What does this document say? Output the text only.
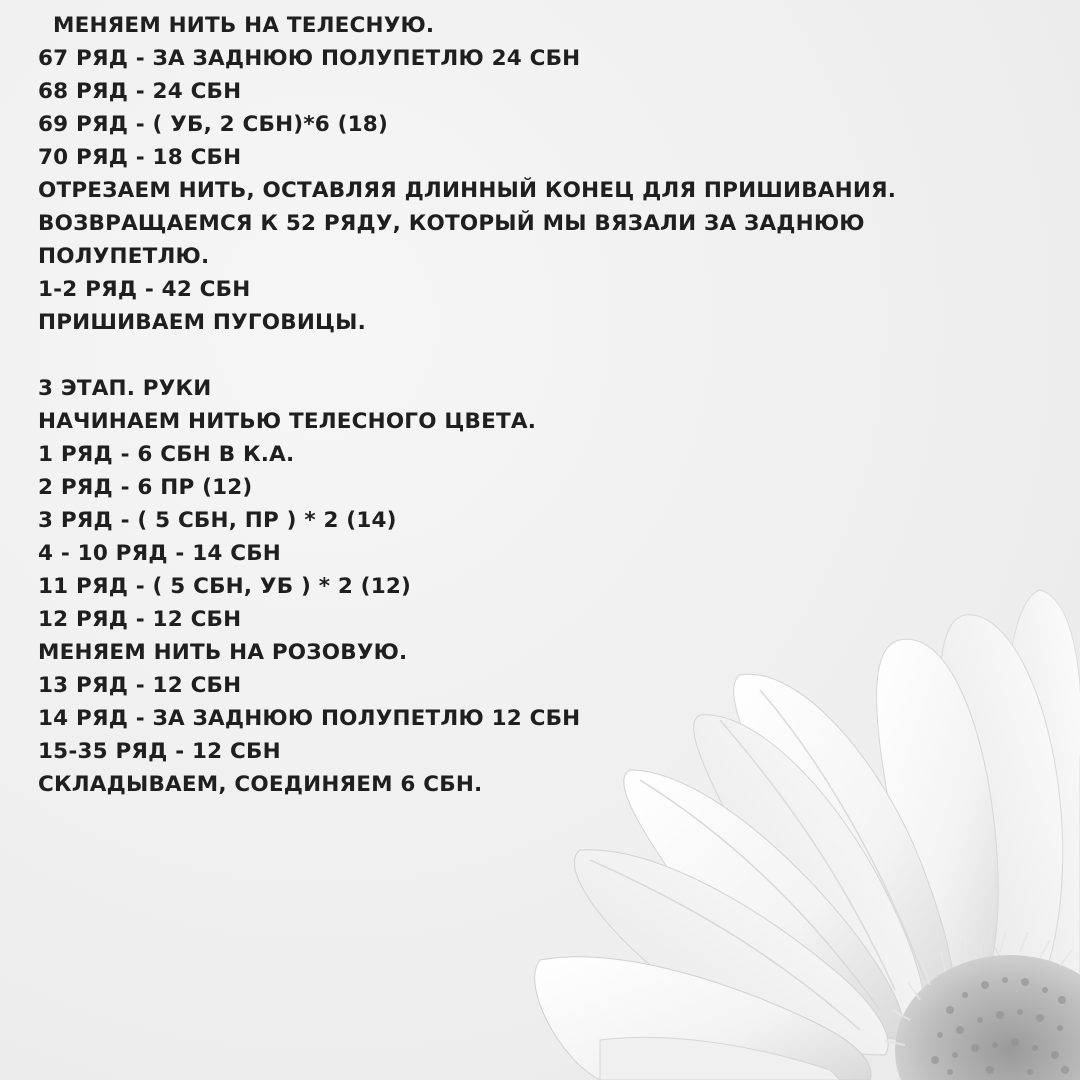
МЕНЯЕМ НИТЬ НА ТЕЛЕСНУЮ.
67 РЯД - ЗА ЗАДНЮЮ ПОЛУПЕТЛЮ 24 СБН
68 РЯД - 24 СБН
69 РЯД - ( УБ, 2 СБН)*6 (18)
70 РЯД - 18 СБН
ОТРЕЗАЕМ НИТЬ, ОСТАВЛЯЯ ДЛИННЫЙ КОНЕЦ ДЛЯ ПРИШИВАНИЯ.
ВОЗВРАЩАЕМСЯ К 52 РЯДУ, КОТОРЫЙ МЫ ВЯЗАЛИ ЗА ЗАДНЮЮ
ПОЛУПЕТЛЮ.
1-2 РЯД - 42 СБН
ПРИШИВАЕМ ПУГОВИЦЫ.
3 ЭТАП. РУКИ
НАЧИНАЕМ НИТЬЮ ТЕЛЕСНОГО ЦВЕТА.
1 РЯД - 6 СБН В К.А.
2 РЯД - 6 ПР (12)
3 РЯД - ( 5 СБН, ПР ) * 2 (14)
4 - 10 РЯД - 14 СБН
11 РЯД - ( 5 СБН, УБ ) * 2 (12)
12 РЯД - 12 СБН
МЕНЯЕМ НИТЬ НА РОЗОВУЮ.
13 РЯД - 12 СБН
14 РЯД - ЗА ЗАДНЮЮ ПОЛУПЕТЛЮ 12 СБН
15-35 РЯД - 12 СБН
СКЛАДЫВАЕМ, СОЕДИНЯЕМ 6 СБН.
